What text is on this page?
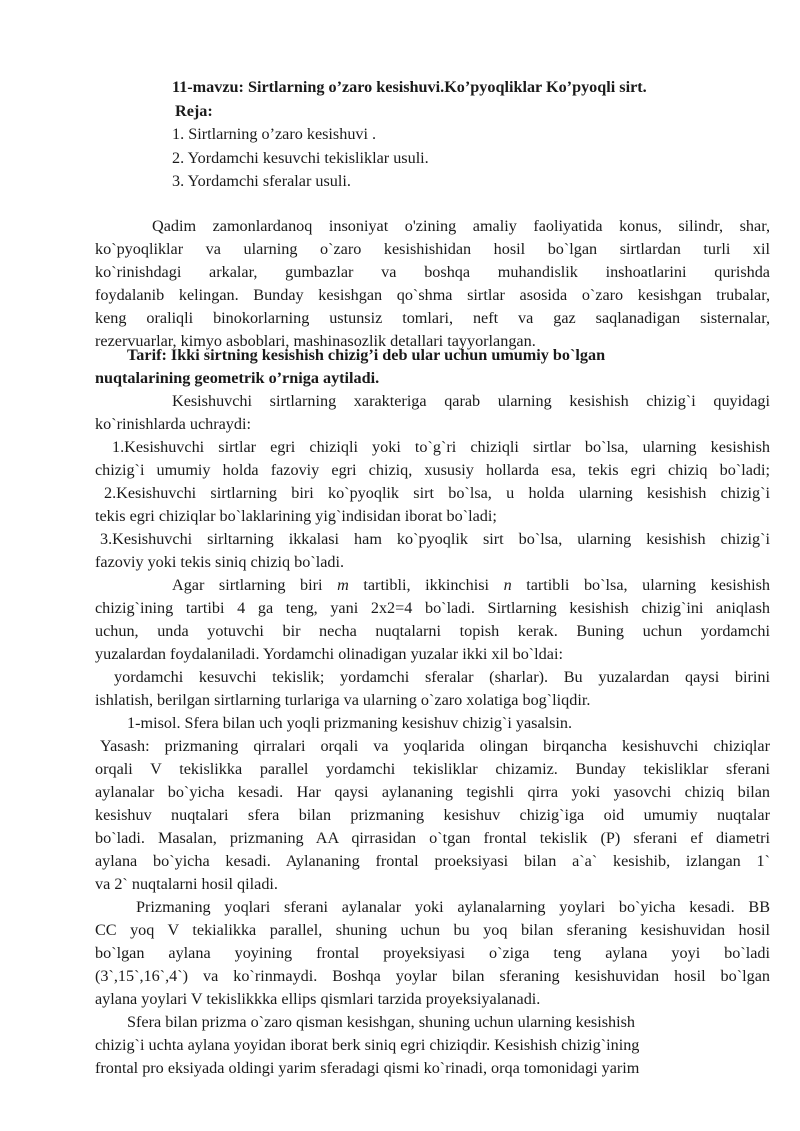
11-mavzu: Sirtlarning o’zaro kesishuvi.Ko’pyoqliklar Ko’pyoqli sirt.
Reja:
1. Sirtlarning o’zaro kesishuvi .
2. Yordamchi kesuvchi tekisliklar usuli.
3. Yordamchi sferalar usuli.
Qadim zamonlardanoq insoniyat o'zining amaliy faoliyatida konus, silindr, shar,
ko`pyoqliklar va ularning o`zaro kesishishidan hosil bo`lgan sirtlardan turli xil
ko`rinishdagi arkalar, gumbazlar va boshqa muhandislik inshoatlarini qurishda
foydalanib kelingan. Bunday kesishgan qo`shma sirtlar asosida o`zaro kesishgan trubalar,
keng oraliqli binokorlarning ustunsiz tomlari, neft va gaz saqlanadigan sisternalar,
rezervuarlar, kimyo asboblari, mashinasozlik detallari tayyorlangan.
Tarif: Ikki sirtning kesishish chizig’i deb ular uchun umumiy bo`lgan
nuqtalarining geometrik o’rniga aytiladi.
Kesishuvchi sirtlarning xarakteriga qarab ularning kesishish chizig`i quyidagi
ko`rinishlarda uchraydi:
1.Kesishuvchi sirtlar egri chiziqli yoki to`g`ri chiziqli sirtlar bo`lsa, ularning kesishish
chizig`i umumiy holda fazoviy egri chiziq, xususiy hollarda esa, tekis egri chiziq bo`ladi;
2.Kesishuvchi sirtlarning biri ko`pyoqlik sirt bo`lsa, u holda ularning kesishish chizig`i
tekis egri chiziqlar bo`laklarining yig`indisidan iborat bo`ladi;
3.Kesishuvchi sirltarning ikkalasi ham ko`pyoqlik sirt bo`lsa, ularning kesishish chizig`i
fazoviy yoki tekis siniq chiziq bo`ladi.
Agar sirtlarning biri m tartibli, ikkinchisi n tartibli bo`lsa, ularning kesishish
chizig`ining tartibi 4 ga teng, yani 2x2=4 bo`ladi. Sirtlarning kesishish chizig`ini aniqlash
uchun, unda yotuvchi bir necha nuqtalarni topish kerak. Buning uchun yordamchi
yuzalardan foydalaniladi. Yordamchi olinadigan yuzalar ikki xil bo`ldai:
yordamchi kesuvchi tekislik; yordamchi sferalar (sharlar). Bu yuzalardan qaysi birini
ishlatish, berilgan sirtlarning turlariga va ularning o`zaro xolatiga bog`liqdir.
1-misol. Sfera bilan uch yoqli prizmaning kesishuv chizig`i yasalsin.
Yasash: prizmaning qirralari orqali va yoqlarida olingan birqancha kesishuvchi chiziqlar
orqali V tekislikka parallel yordamchi tekisliklar chizamiz. Bunday tekisliklar sferani
aylanalar bo`yicha kesadi. Har qaysi aylananing tegishli qirra yoki yasovchi chiziq bilan
kesishuv nuqtalari sfera bilan prizmaning kesishuv chizig`iga oid umumiy nuqtalar
bo`ladi. Masalan, prizmaning AA qirrasidan o`tgan frontal tekislik (P) sferani ef diametri
aylana bo`yicha kesadi. Aylananing frontal proeksiyasi bilan a`a` kesishib, izlangan 1`
va 2` nuqtalarni hosil qiladi.
Prizmaning yoqlari sferani aylanalar yoki aylanalarning yoylari bo`yicha kesadi. BB
CC yoq V tekialikka parallel, shuning uchun bu yoq bilan sferaning kesishuvidan hosil
bo`lgan aylana yoyining frontal proyeksiyasi o`ziga teng aylana yoyi bo`ladi
(3`,15`,16`,4`) va ko`rinmaydi. Boshqa yoylar bilan sferaning kesishuvidan hosil bo`lgan
aylana yoylari V tekislikkka ellips qismlari tarzida proyeksiyalanadi.
Sfera bilan prizma o`zaro qisman kesishgan, shuning uchun ularning kesishish
chizig`i uchta aylana yoyidan iborat berk siniq egri chiziqdir. Kesishish chizig`ining
frontal pro eksiyada oldingi yarim sferadagi qismi ko`rinadi, orqa tomonidagi yarim
